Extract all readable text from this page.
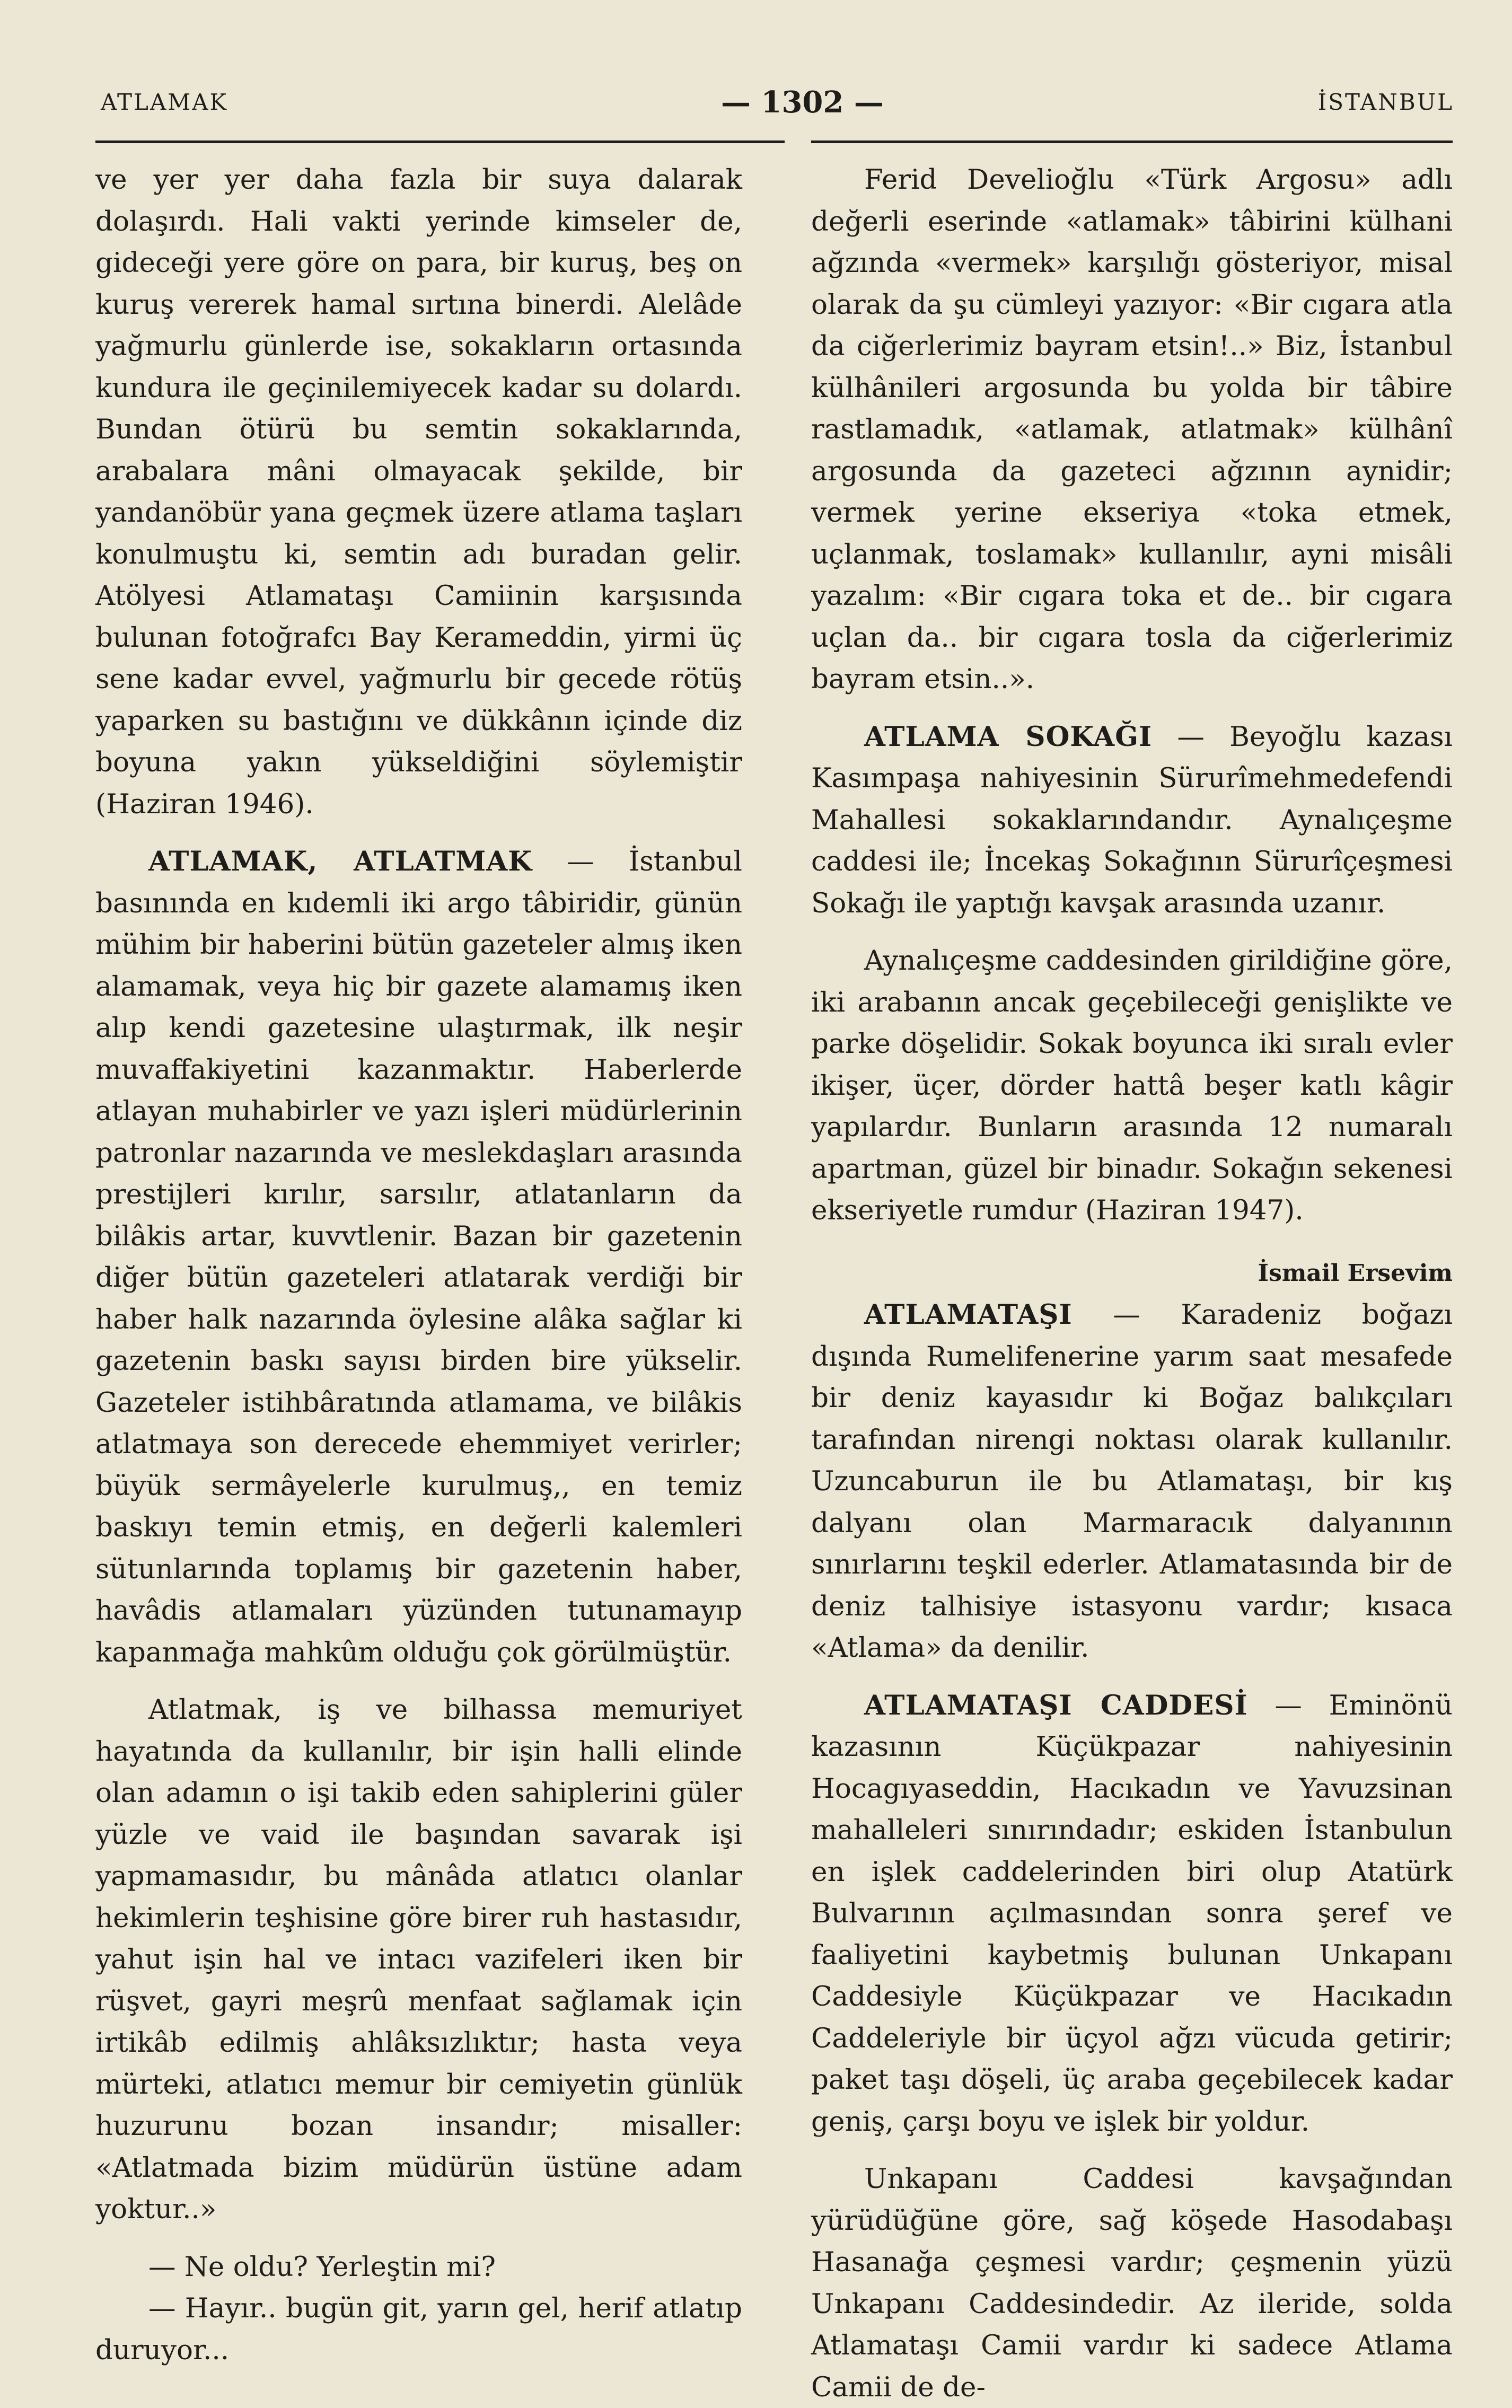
ATLAMAK	— 1302 —	İSTANBUL

ve yer yer daha fazla bir suya dalarak dolaşırdı. Hali vakti yerinde kimseler de, gideceği yere göre on para, bir kuruş, beş on kuruş vererek hamal sırtına binerdi. Alelâde yağmurlu günlerde ise, sokakların ortasında kundura ile geçinilemiyecek kadar su dolardı. Bundan ötürü bu semtin sokaklarında, arabalara mâni olmayacak şekilde, bir yandanöbür yana geçmek üzere atlama taşları konulmuştu ki, semtin adı buradan gelir. Atölyesi Atlamataşı Camiinin karşısında bulunan fotoğrafcı Bay Kerameddin, yirmi üç sene kadar evvel, yağmurlu bir gecede rötüş yaparken su bastığını ve dükkânın içinde diz boyuna yakın yükseldiğini söylemiştir (Haziran 1946).

ATLAMAK, ATLATMAK — İstanbul basınında en kıdemli iki argo tâbiridir, günün mühim bir haberini bütün gazeteler almış iken alamamak, veya hiç bir gazete alamamış iken alıp kendi gazetesine ulaştırmak, ilk neşir muvaffakiyetini kazanmaktır. Haberlerde atlayan muhabirler ve yazı işleri müdürlerinin patronlar nazarında ve meslekdaşları arasında prestijleri kırılır, sarsılır, atlatanların da bilâkis artar, kuvvtlenir. Bazan bir gazetenin diğer bütün gazeteleri atlatarak verdiği bir haber halk nazarında öylesine alâka sağlar ki gazetenin baskı sayısı birden bire yükselir. Gazeteler istihbâratında atlamama, ve bilâkis atlatmaya son derecede ehemmiyet verirler; büyük sermâyelerle kurulmuş,, en temiz baskıyı temin etmiş, en değerli kalemleri sütunlarında toplamış bir gazetenin haber, havâdis atlamaları yüzünden tutunamayıp kapanmağa mahkûm olduğu çok görülmüştür.

Atlatmak, iş ve bilhassa memuriyet hayatında da kullanılır, bir işin halli elinde olan adamın o işi takib eden sahiplerini güler yüzle ve vaid ile başından savarak işi yapmamasıdır, bu mânâda atlatıcı olanlar hekimlerin teşhisine göre birer ruh hastasıdır, yahut işin hal ve intacı vazifeleri iken bir rüşvet, gayri meşrû menfaat sağlamak için irtikâb edilmiş ahlâksızlıktır; hasta veya mürteki, atlatıcı memur bir cemiyetin günlük huzurunu bozan insandır; misaller: «Atlatmada bizim müdürün üstüne adam yoktur..»

— Ne oldu? Yerleştin mi?

— Hayır.. bugün git, yarın gel, herif atlatıp duruyor...

Ferid Develioğlu «Türk Argosu» adlı değerli eserinde «atlamak» tâbirini külhani ağzında «vermek» karşılığı gösteriyor, misal olarak da şu cümleyi yazıyor: «Bir cıgara atla da ciğerlerimiz bayram etsin!..» Biz, İstanbul külhânileri argosunda bu yolda bir tâbire rastlamadık, «atlamak, atlatmak» külhânî argosunda da gazeteci ağzının aynidir; vermek yerine ekseriya «toka etmek, uçlanmak, toslamak» kullanılır, ayni misâli yazalım: «Bir cıgara toka et de.. bir cıgara uçlan da.. bir cıgara tosla da ciğerlerimiz bayram etsin..».

ATLAMA SOKAĞI — Beyoğlu kazası Kasımpaşa nahiyesinin Sürurîmehmedefendi Mahallesi sokaklarındandır. Aynalıçeşme caddesi ile; İncekaş Sokağının Sürurîçeşmesi Sokağı ile yaptığı kavşak arasında uzanır.

Aynalıçeşme caddesinden girildiğine göre, iki arabanın ancak geçebileceği genişlikte ve parke döşelidir. Sokak boyunca iki sıralı evler ikişer, üçer, dörder hattâ beşer katlı kâgir yapılardır. Bunların arasında 12 numaralı apartman, güzel bir binadır. Sokağın sekenesi ekseriyetle rumdur (Haziran 1947).

İsmail Ersevim

ATLAMATAŞI — Karadeniz boğazı dışında Rumelifenerine yarım saat mesafede bir deniz kayasıdır ki Boğaz balıkçıları tarafından nirengi noktası olarak kullanılır. Uzuncaburun ile bu Atlamataşı, bir kış dalyanı olan Marmaracık dalyanının sınırlarını teşkil ederler. Atlamatasında bir de deniz talhisiye istasyonu vardır; kısaca «Atlama» da denilir.

ATLAMATAŞI CADDESİ — Eminönü kazasının Küçükpazar nahiyesinin Hocagıyaseddin, Hacıkadın ve Yavuzsinan mahalleleri sınırındadır; eskiden İstanbulun en işlek caddelerinden biri olup Atatürk Bulvarının açılmasından sonra şeref ve faaliyetini kaybetmiş bulunan Unkapanı Caddesiyle Küçükpazar ve Hacıkadın Caddeleriyle bir üçyol ağzı vücuda getirir; paket taşı döşeli, üç araba geçebilecek kadar geniş, çarşı boyu ve işlek bir yoldur.

Unkapanı Caddesi kavşağından yürüdüğüne göre, sağ köşede Hasodabaşı Hasanağa çeşmesi vardır; çeşmenin yüzü Unkapanı Caddesindedir. Az ileride, solda Atlamataşı Camii vardır ki sadece Atlama Camii de de-
